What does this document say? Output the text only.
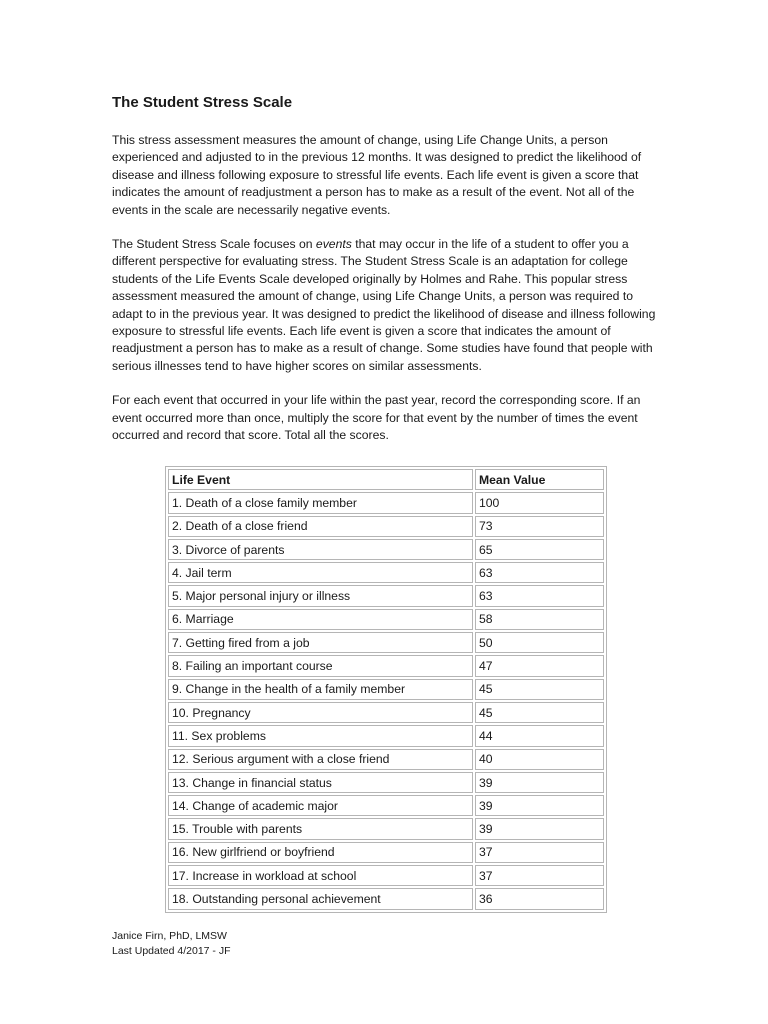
The Student Stress Scale

This stress assessment measures the amount of change, using Life Change Units, a person experienced and adjusted to in the previous 12 months. It was designed to predict the likelihood of disease and illness following exposure to stressful life events. Each life event is given a score that indicates the amount of readjustment a person has to make as a result of the event. Not all of the events in the scale are necessarily negative events.

The Student Stress Scale focuses on events that may occur in the life of a student to offer you a different perspective for evaluating stress. The Student Stress Scale is an adaptation for college students of the Life Events Scale developed originally by Holmes and Rahe. This popular stress assessment measured the amount of change, using Life Change Units, a person was required to adapt to in the previous year. It was designed to predict the likelihood of disease and illness following exposure to stressful life events. Each life event is given a score that indicates the amount of readjustment a person has to make as a result of change. Some studies have found that people with serious illnesses tend to have higher scores on similar assessments.

For each event that occurred in your life within the past year, record the corresponding score. If an event occurred more than once, multiply the score for that event by the number of times the event occurred and record that score. Total all the scores.

Life Event	Mean Value
1. Death of a close family member	100
2. Death of a close friend	73
3. Divorce of parents	65
4. Jail term	63
5. Major personal injury or illness	63
6. Marriage	58
7. Getting fired from a job	50
8. Failing an important course	47
9. Change in the health of a family member	45
10. Pregnancy	45
11. Sex problems	44
12. Serious argument with a close friend	40
13. Change in financial status	39
14. Change of academic major	39
15. Trouble with parents	39
16. New girlfriend or boyfriend	37
17. Increase in workload at school	37
18. Outstanding personal achievement	36
Janice Firn, PhD, LMSW
Last Updated 4/2017 - JF
